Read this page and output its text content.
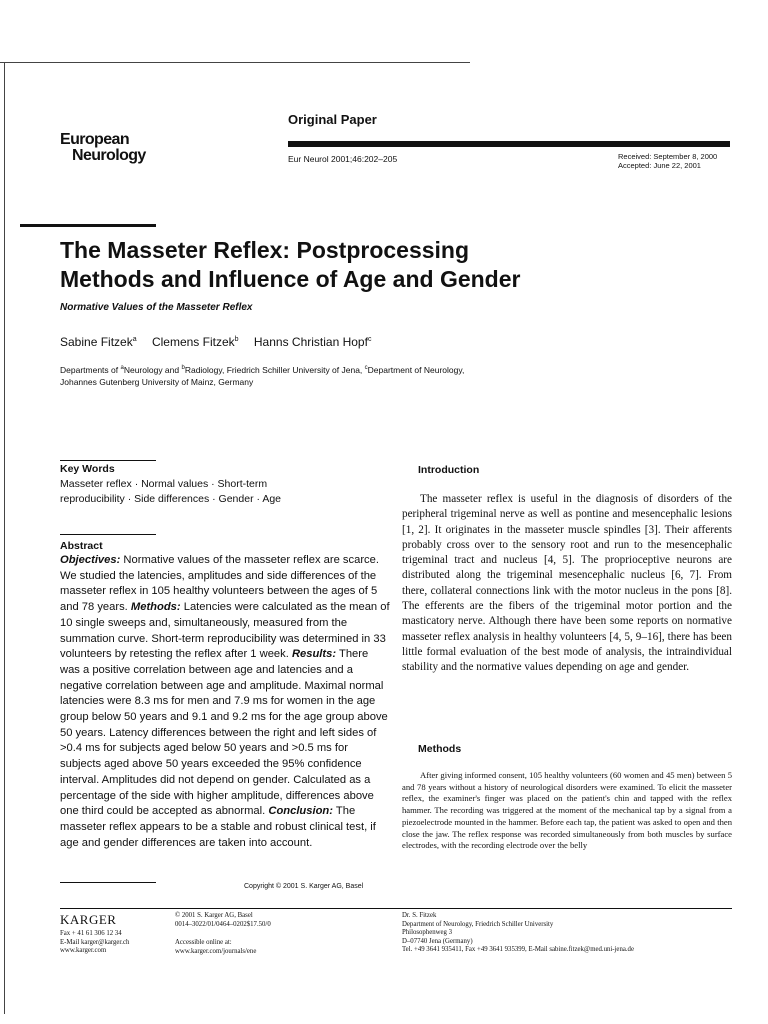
Original Paper
European
Neurology	Eur Neurol 2001;46:202–205	Received: September 8, 2000
Accepted: June 22, 2001
The Masseter Reflex: Postprocessing
Methods and Influence of Age and Gender
Normative Values of the Masseter Reflex
Sabine Fitzek$^a$ Clemens Fitzek$^b$ Hanns Christian Hopf$^c$
Departments of $^a$Neurology and $^b$Radiology, Friedrich Schiller University of Jena, $^c$Department of Neurology,
Johannes Gutenberg University of Mainz, Germany
Key Words
Masseter reflex · Normal values · Short-term
reproducibility · Side differences · Gender · Age
Abstract
Objectives: Normative values of the masseter reflex are scarce. We studied the latencies, amplitudes and side differences of the masseter reflex in 105 healthy volunteers between the ages of 5 and 78 years. Methods: Latencies were calculated as the mean of 10 single sweeps and, simultaneously, measured from the summation curve. Short-term reproducibility was determined in 33 volunteers by retesting the reflex after 1 week. Results: There was a positive correlation between age and latencies and a negative correlation between age and amplitude. Maximal normal latencies were 8.3 ms for men and 7.9 ms for women in the age group below 50 years and 9.1 and 9.2 ms for the age group above 50 years. Latency differences between the right and left sides of >0.4 ms for subjects aged below 50 years and >0.5 ms for subjects aged above 50 years exceeded the 95% confidence interval. Amplitudes did not depend on gender. Calculated as a percentage of the side with higher amplitude, differences above one third could be accepted as abnormal. Conclusion: The masseter reflex appears to be a stable and robust clinical test, if age and gender differences are taken into account.
Copyright © 2001 S. Karger AG, Basel
Introduction
The masseter reflex is useful in the diagnosis of disorders of the peripheral trigeminal nerve as well as pontine and mesencephalic lesions [1, 2]. It originates in the masseter muscle spindles [3]. Their afferents probably cross over to the sensory root and run to the mesencephalic trigeminal tract and nucleus [4, 5]. The proprioceptive neurons are distributed along the trigeminal mesencephalic nucleus [6, 7]. From there, collateral connections link with the motor nucleus in the pons [8]. The efferents are the fibers of the trigeminal motor portion and the masticatory nerve. Although there have been some reports on normative masseter reflex analysis in healthy volunteers [4, 5, 9–16], there has been little formal evaluation of the best mode of analysis, the intraindividual stability and the normative values depending on age and gender.
Methods
After giving informed consent, 105 healthy volunteers (60 women and 45 men) between 5 and 78 years without a history of neurological disorders were examined. To elicit the masseter reflex, the examiner's finger was placed on the patient's chin and tapped with the reflex hammer. The recording was triggered at the moment of the mechanical tap by a signal from a piezoelectrode mounted in the hammer. Before each tap, the patient was asked to open and then close the jaw. The reflex response was recorded simultaneously from both muscles by surface electrodes, with the recording electrode over the belly
KARGER
Fax + 41 61 306 12 34
E-Mail karger@karger.ch
www.karger.com
© 2001 S. Karger AG, Basel
0014–3022/01/0464–0202$17.50/0
Accessible online at:
www.karger.com/journals/ene
Dr. S. Fitzek
Department of Neurology, Friedrich Schiller University
Philosophenweg 3
D–07740 Jena (Germany)
Tel. +49 3641 935411, Fax +49 3641 935399, E-Mail sabine.fitzek@med.uni-jena.de
